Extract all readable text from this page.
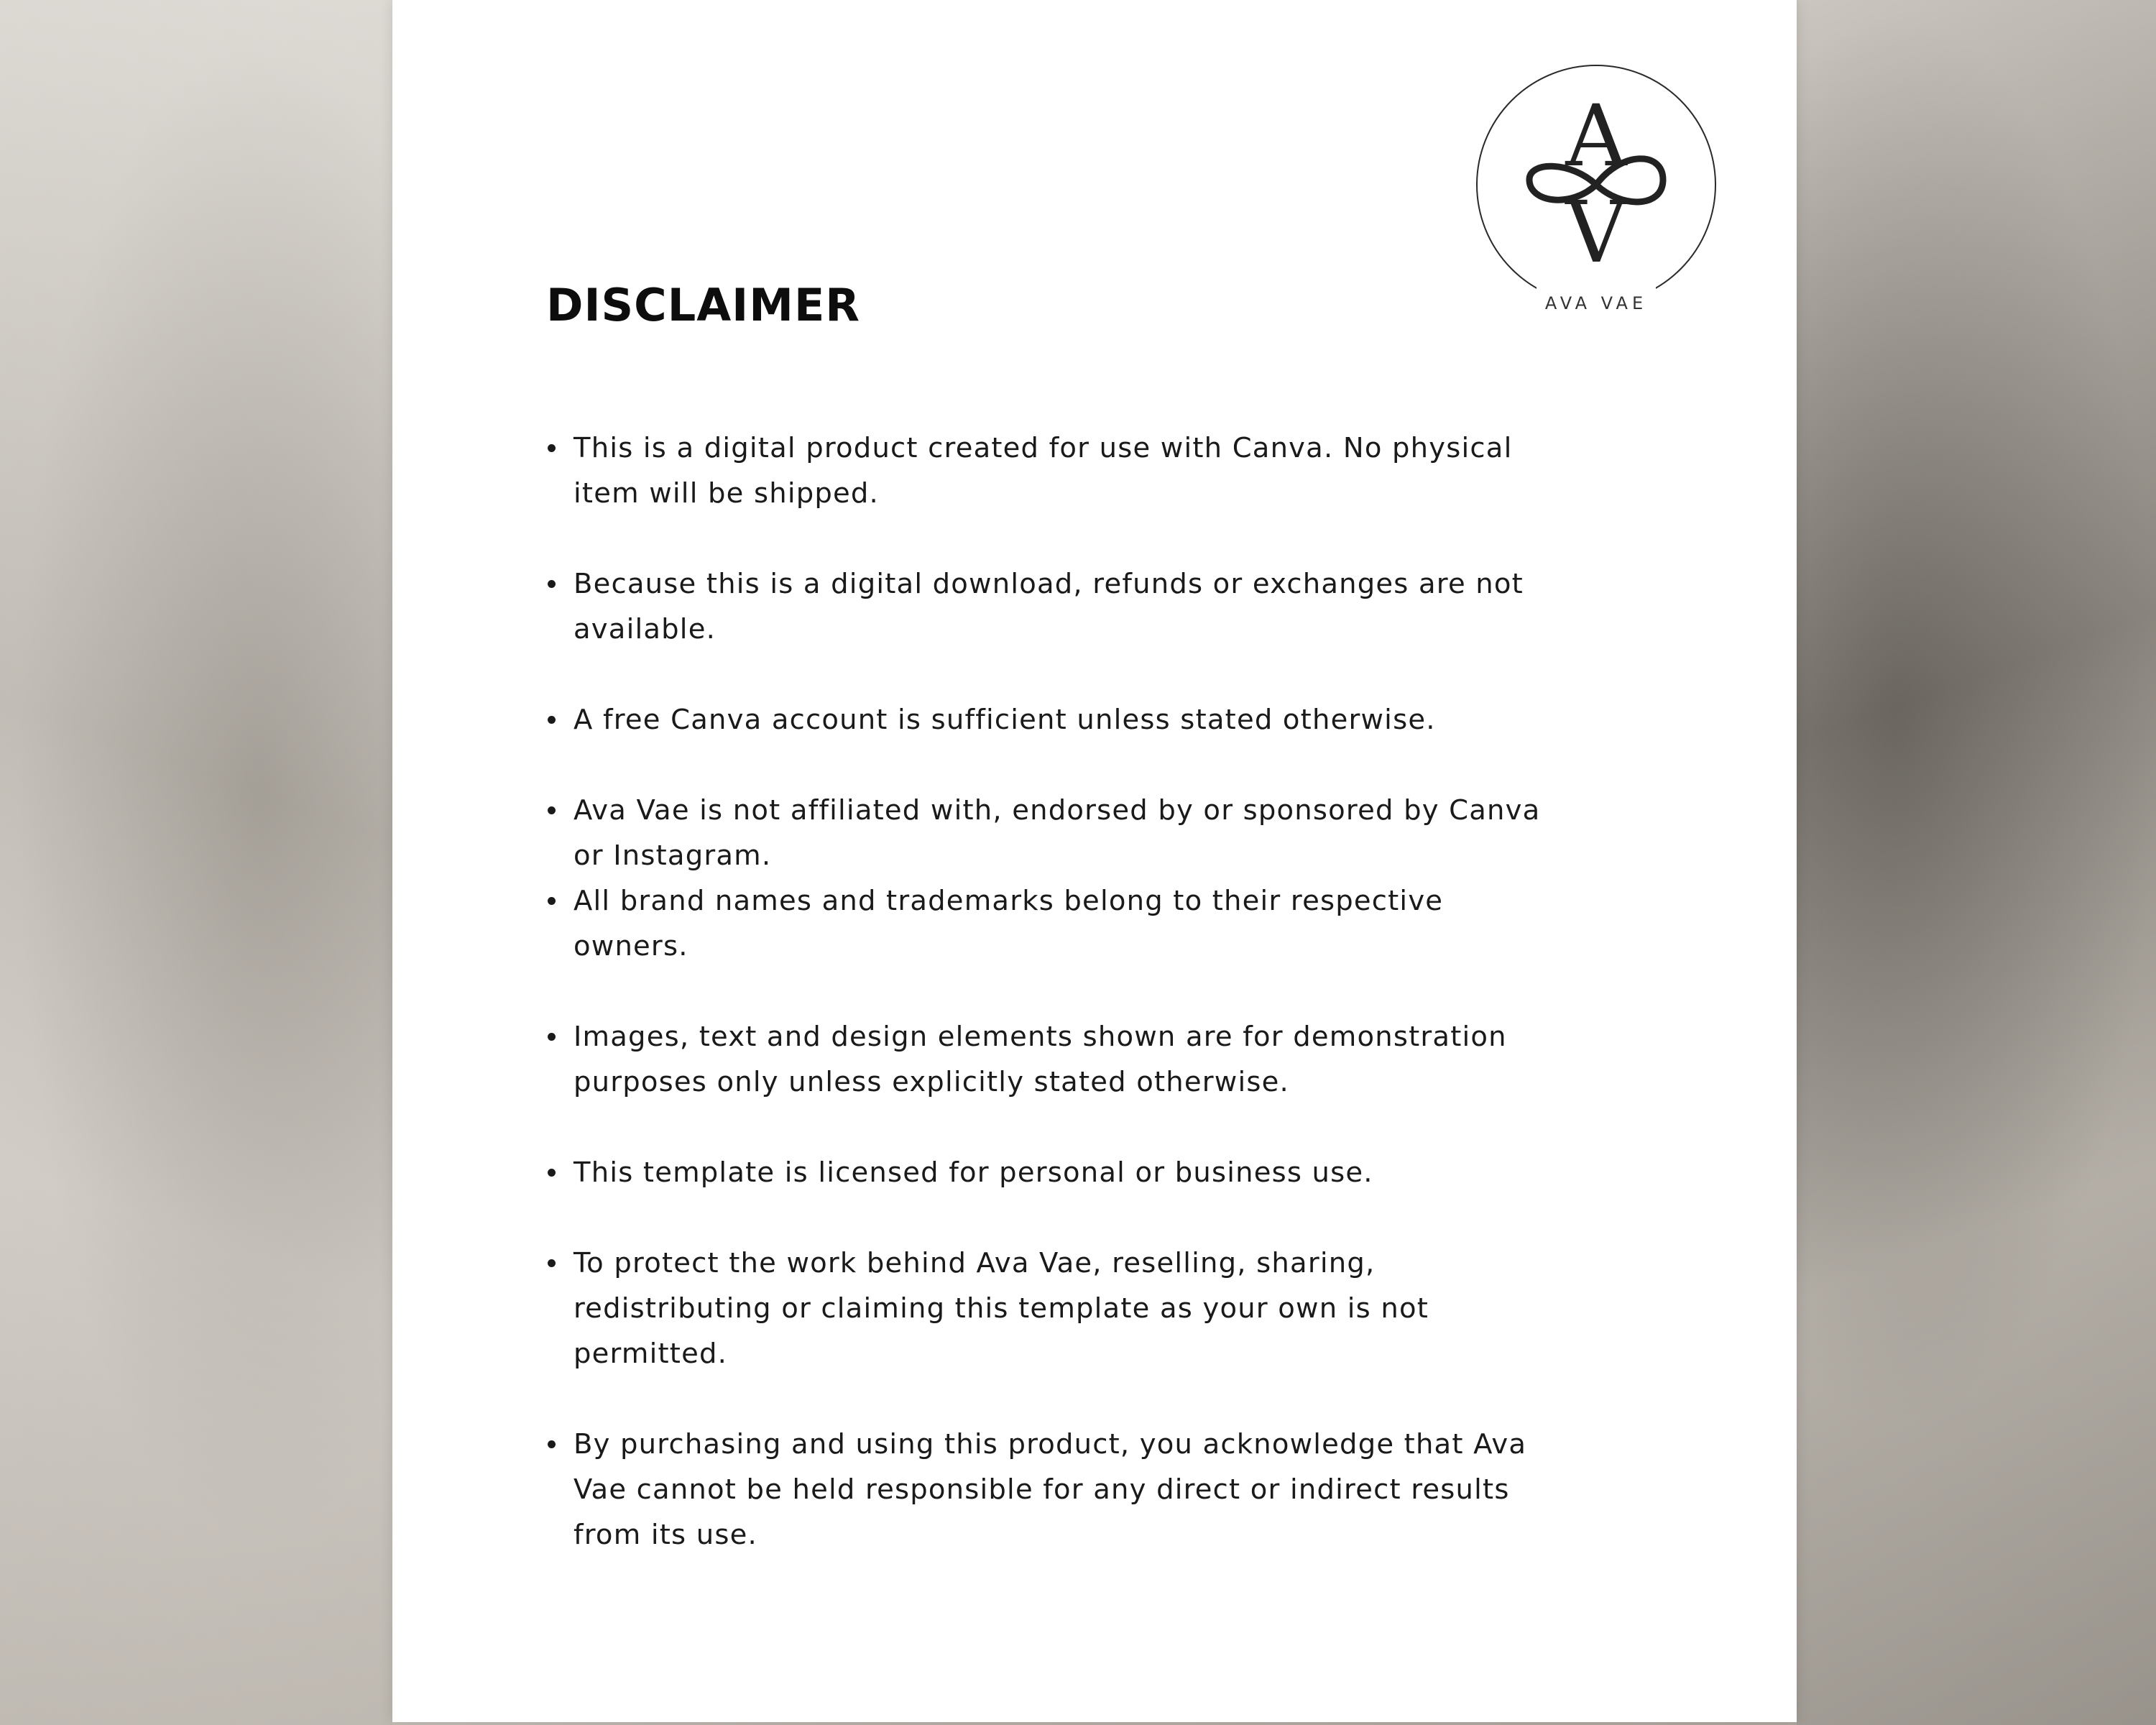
A
V
AVA VAE
DISCLAIMER
This is a digital product created for use with Canva. No physical item will be shipped.
Because this is a digital download, refunds or exchanges are not available.
A free Canva account is sufficient unless stated otherwise.
Ava Vae is not affiliated with, endorsed by or sponsored by Canva or Instagram.
All brand names and trademarks belong to their respective owners.
Images, text and design elements shown are for demonstration purposes only unless explicitly stated otherwise.
This template is licensed for personal or business use.
To protect the work behind Ava Vae, reselling, sharing, redistributing or claiming this template as your own is not permitted.
By purchasing and using this product, you acknowledge that Ava Vae cannot be held responsible for any direct or indirect results from its use.
